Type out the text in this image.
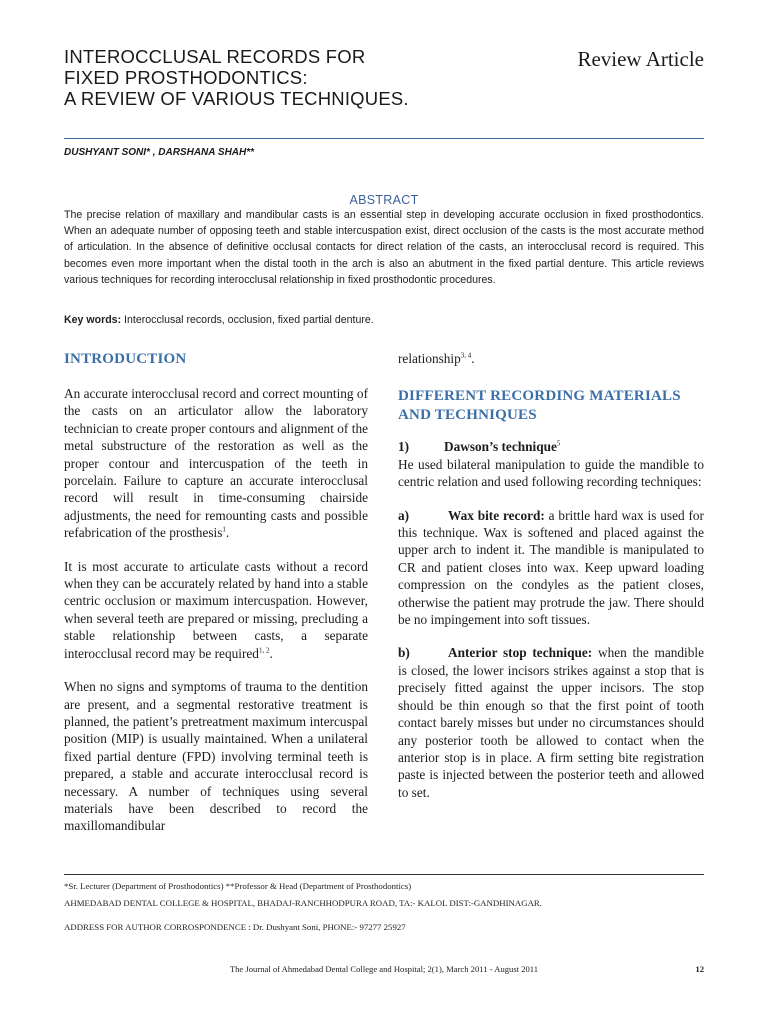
INTEROCCLUSAL RECORDS FOR
FIXED PROSTHODONTICS:
A REVIEW OF VARIOUS TECHNIQUES.
Review Article
DUSHYANT SONI* , DARSHANA SHAH**
ABSTRACT
The precise relation of maxillary and mandibular casts is an essential step in developing accurate occlusion in fixed prosthodontics. When an adequate number of opposing teeth and stable intercuspation exist, direct occlusion of the casts is the most accurate method of articulation. In the absence of definitive occlusal contacts for direct relation of the casts, an interocclusal record is required. This becomes even more important when the distal tooth in the arch is also an abutment in the fixed partial denture. This article reviews various techniques for recording interocclusal relationship in fixed prosthodontic procedures.
Key words: Interocclusal records, occlusion, fixed partial denture.
INTRODUCTION

An accurate interocclusal record and correct mounting of the casts on an articulator allow the laboratory technician to create proper contours and alignment of the metal substructure of the restoration as well as the proper contour and intercuspation of the teeth in porcelain. Failure to capture an accurate interocclusal record will result in time-consuming chairside adjustments, the need for remounting casts and possible refabrication of the prosthesis$^1$.

It is most accurate to articulate casts without a record when they can be accurately related by hand into a stable centric occlusion or maximum intercuspation. However, when several teeth are prepared or missing, precluding a stable relationship between casts, a separate interocclusal record may be required$^{1, 2}$.

When no signs and symptoms of trauma to the dentition are present, and a segmental restorative treatment is planned, the patient’s pretreatment maximum intercuspal position (MIP) is usually maintained. When a unilateral fixed partial denture (FPD) involving terminal teeth is prepared, a stable and accurate interocclusal record is necessary. A number of techniques using several materials have been described to record the maxillomandibular

relationship$^{3, 4}$.

DIFFERENT RECORDING MATERIALS AND TECHNIQUES

1)	Dawson’s technique$^5$

He used bilateral manipulation to guide the mandible to centric relation and used following recording techniques:

a)	Wax bite record: a brittle hard wax is used for this technique. Wax is softened and placed against the upper arch to indent it. The mandible is manipulated to CR and patient closes into wax. Keep upward loading compression on the condyles as the patient closes, otherwise the patient may protrude the jaw. There should be no impingement into soft tissues.

b)	Anterior stop technique: when the mandible is closed, the lower incisors strikes against a stop that is precisely fitted against the upper incisors. The stop should be thin enough so that the first point of tooth contact barely misses but under no circumstances should any posterior tooth be allowed to contact when the anterior stop is in place. A firm setting bite registration paste is injected between the posterior teeth and allowed to set.

*Sr. Lecturer (Department of Prosthodontics) **Professor & Head (Department of Prosthodontics)
AHMEDABAD DENTAL COLLEGE & HOSPITAL, BHADAJ-RANCHHODPURA ROAD, TA:- KALOL DIST:-GANDHINAGAR.
ADDRESS FOR AUTHOR CORROSPONDENCE : Dr. Dushyant Soni, PHONE:- 97277 25927
The Journal of Ahmedabad Dental College and Hospital; 2(1), March 2011 - August 2011	12
